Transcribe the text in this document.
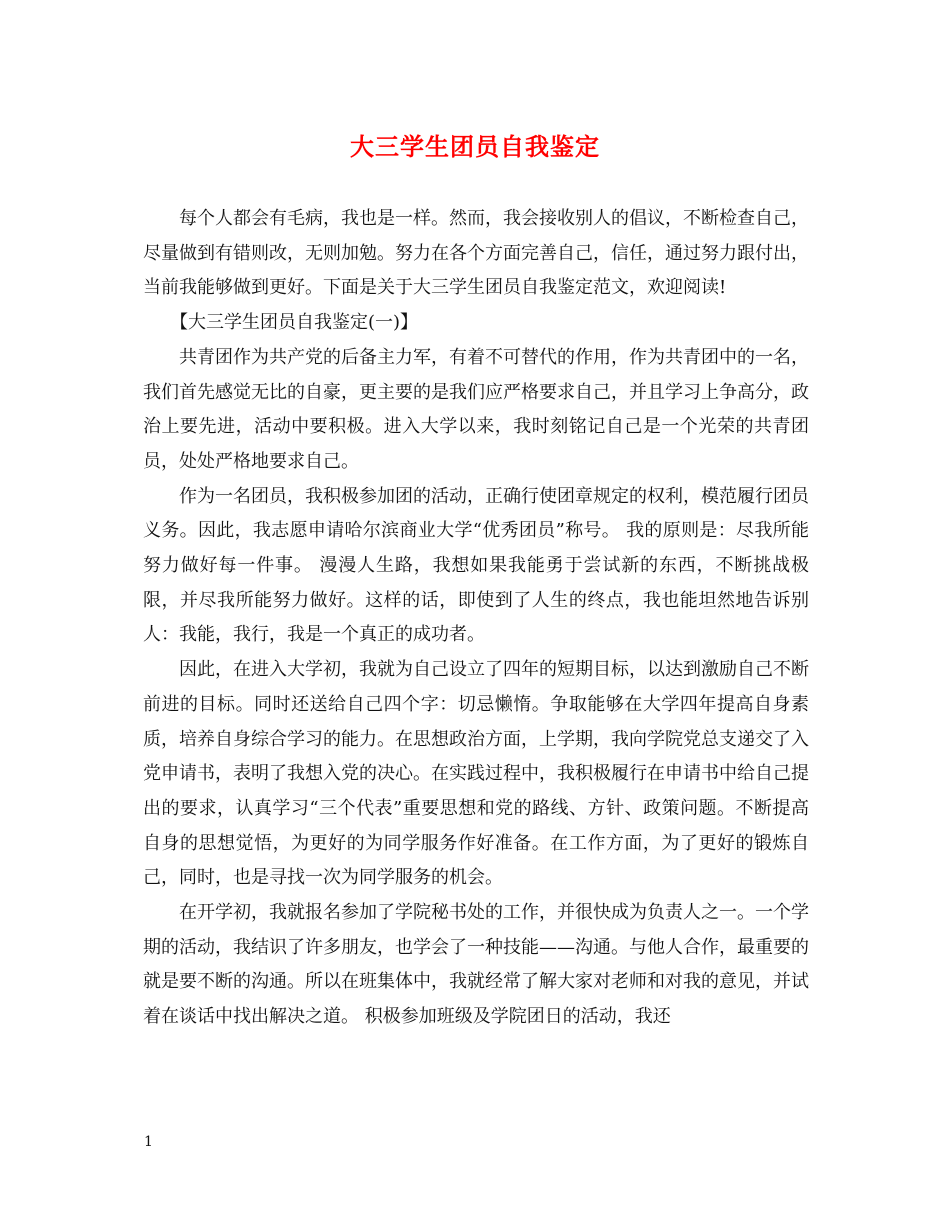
大三学生团员自我鉴定

每个人都会有毛病，我也是一样。然而，我会接收别人的倡议，不断检查自己，尽量做到有错则改，无则加勉。努力在各个方面完善自己，信任，通过努力跟付出，当前我能够做到更好。下面是关于大三学生团员自我鉴定范文，欢迎阅读!

【大三学生团员自我鉴定(一)】

共青团作为共产党的后备主力军，有着不可替代的作用，作为共青团中的一名，我们首先感觉无比的自豪，更主要的是我们应严格要求自己，并且学习上争高分，政治上要先进，活动中要积极。进入大学以来，我时刻铭记自己是一个光荣的共青团员，处处严格地要求自己。

作为一名团员，我积极参加团的活动，正确行使团章规定的权利，模范履行团员义务。因此，我志愿申请哈尔滨商业大学“优秀团员”称号。 我的原则是：尽我所能努力做好每一件事。 漫漫人生路，我想如果我能勇于尝试新的东西，不断挑战极限，并尽我所能努力做好。这样的话，即使到了人生的终点，我也能坦然地告诉别人：我能，我行，我是一个真正的成功者。

因此，在进入大学初，我就为自己设立了四年的短期目标，以达到激励自己不断前进的目标。同时还送给自己四个字：切忌懒惰。争取能够在大学四年提高自身素质，培养自身综合学习的能力。在思想政治方面，上学期，我向学院党总支递交了入党申请书，表明了我想入党的决心。在实践过程中，我积极履行在申请书中给自己提出的要求，认真学习“三个代表”重要思想和党的路线、方针、政策问题。不断提高自身的思想觉悟，为更好的为同学服务作好准备。在工作方面，为了更好的锻炼自己，同时，也是寻找一次为同学服务的机会。

在开学初，我就报名参加了学院秘书处的工作，并很快成为负责人之一。一个学期的活动，我结识了许多朋友，也学会了一种技能——沟通。与他人合作，最重要的就是要不断的沟通。所以在班集体中，我就经常了解大家对老师和对我的意见，并试着在谈话中找出解决之道。 积极参加班级及学院团日的活动，我还

1
